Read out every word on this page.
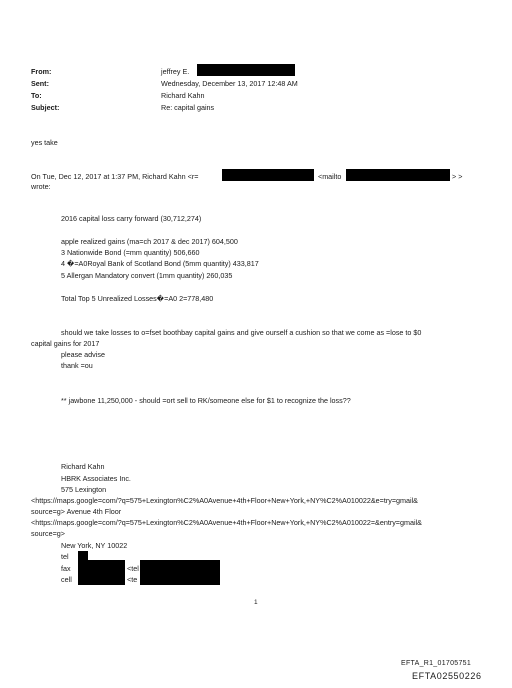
From:	jeffrey E.
Sent:	Wednesday, December 13, 2017 12:48 AM
To:	Richard Kahn
Subject:	Re: capital gains
yes take
On Tue, Dec 12, 2017 at 1:37 PM, Richard Kahn <r=	<mailto	> >
wrote:
2016 capital loss carry forward (30,712,274)
apple realized gains (ma=ch 2017 & dec 2017) 604,500
3 Nationwide Bond (=mm quantity) 506,660
4 �=A0Royal Bank of Scotland Bond (5mm quantity) 433,817
5 Allergan Mandatory convert (1mm quantity) 260,035
Total Top 5 Unrealized Losses�=A0 2=778,480
should we take losses to o=fset boothbay capital gains and give ourself a cushion so that we come as =lose to $0
capital gains for 2017
please advise
thank =ou
** jawbone 11,250,000 - should =ort sell to RK/someone else for $1 to recognize the loss??
Richard Kahn
HBRK Associates Inc.
575 Lexington
<https://maps.google=com/?q=575+Lexington%C2%A0Avenue+4th+Floor+New+York,+NY%C2%A010022&e=try=gmail&
source=g> Avenue 4th Floor
<https://maps.google=com/?q=575+Lexington%C2%A0Avenue+4th+Floor+New+York,+NY%C2%A010022=&entry=gmail&
source=g>
New York, NY 10022
tel
fax	<tel
cell	<te
1
EFTA_R1_01705751
EFTA02550226
